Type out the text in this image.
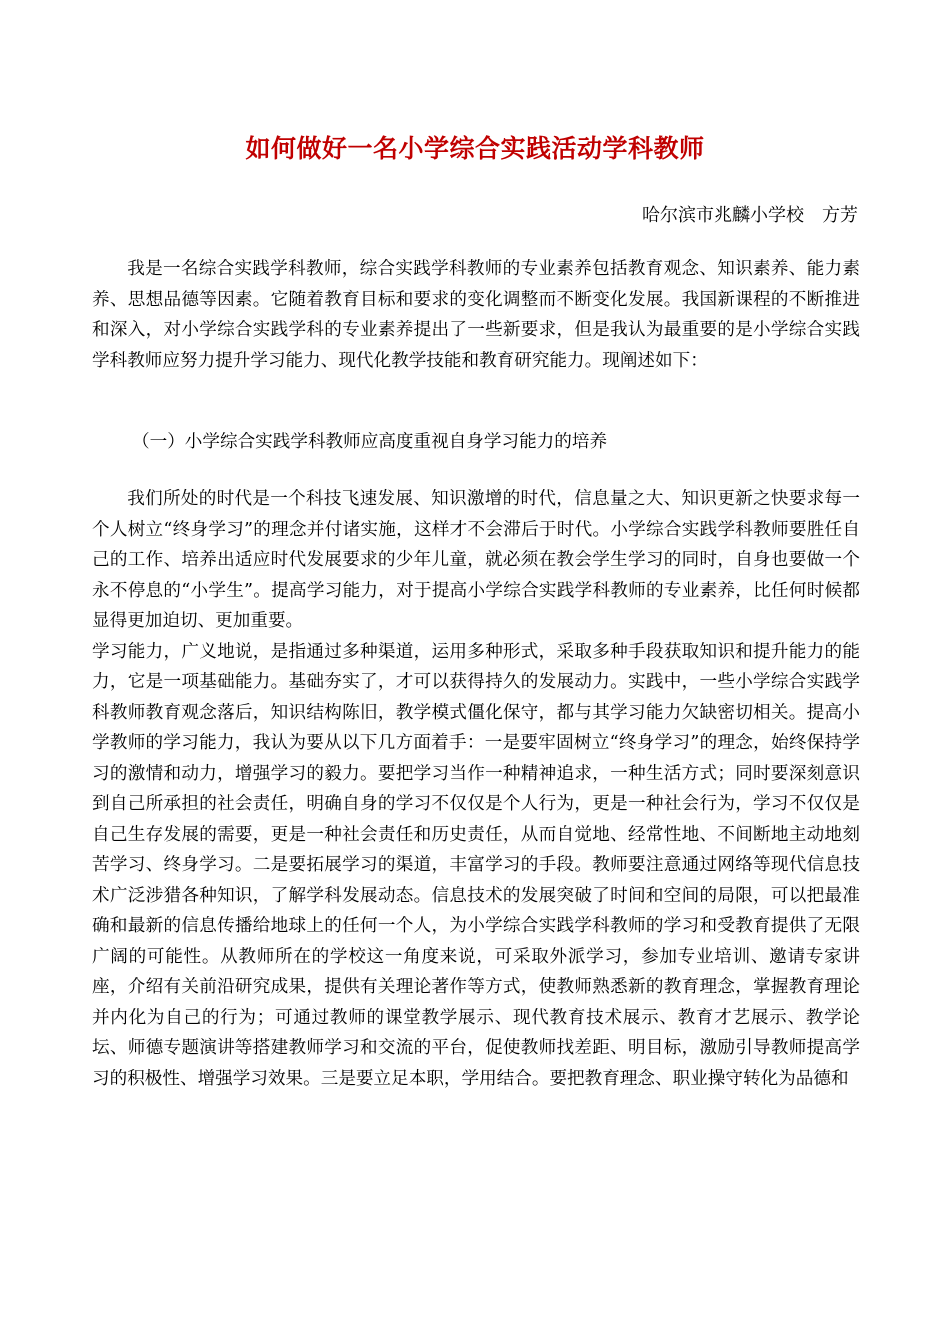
如何做好一名小学综合实践活动学科教师
哈尔滨市兆麟小学校　方芳

我是一名综合实践学科教师，综合实践学科教师的专业素养包括教育观念、知识素养、能力素养、思想品德等因素。它随着教育目标和要求的变化调整而不断变化发展。我国新课程的不断推进和深入，对小学综合实践学科的专业素养提出了一些新要求，但是我认为最重要的是小学综合实践学科教师应努力提升学习能力、现代化教学技能和教育研究能力。现阐述如下：

（一）小学综合实践学科教师应高度重视自身学习能力的培养

我们所处的时代是一个科技飞速发展、知识激增的时代，信息量之大、知识更新之快要求每一个人树立“终身学习”的理念并付诸实施，这样才不会滞后于时代。小学综合实践学科教师要胜任自己的工作、培养出适应时代发展要求的少年儿童，就必须在教会学生学习的同时，自身也要做一个永不停息的“小学生”。提高学习能力，对于提高小学综合实践学科教师的专业素养，比任何时候都显得更加迫切、更加重要。

学习能力，广义地说，是指通过多种渠道，运用多种形式，采取多种手段获取知识和提升能力的能力，它是一项基础能力。基础夯实了，才可以获得持久的发展动力。实践中，一些小学综合实践学科教师教育观念落后，知识结构陈旧，教学模式僵化保守，都与其学习能力欠缺密切相关。提高小学教师的学习能力，我认为要从以下几方面着手：一是要牢固树立“终身学习”的理念，始终保持学习的激情和动力，增强学习的毅力。要把学习当作一种精神追求，一种生活方式；同时要深刻意识到自己所承担的社会责任，明确自身的学习不仅仅是个人行为，更是一种社会行为，学习不仅仅是自己生存发展的需要，更是一种社会责任和历史责任，从而自觉地、经常性地、不间断地主动地刻苦学习、终身学习。二是要拓展学习的渠道，丰富学习的手段。教师要注意通过网络等现代信息技术广泛涉猎各种知识，了解学科发展动态。信息技术的发展突破了时间和空间的局限，可以把最准确和最新的信息传播给地球上的任何一个人，为小学综合实践学科教师的学习和受教育提供了无限广阔的可能性。从教师所在的学校这一角度来说，可采取外派学习，参加专业培训、邀请专家讲座，介绍有关前沿研究成果，提供有关理论著作等方式，使教师熟悉新的教育理念，掌握教育理论并内化为自己的行为；可通过教师的课堂教学展示、现代教育技术展示、教育才艺展示、教学论坛、师德专题演讲等搭建教师学习和交流的平台，促使教师找差距、明目标，激励引导教师提高学习的积极性、增强学习效果。三是要立足本职，学用结合。要把教育理念、职业操守转化为品德和
